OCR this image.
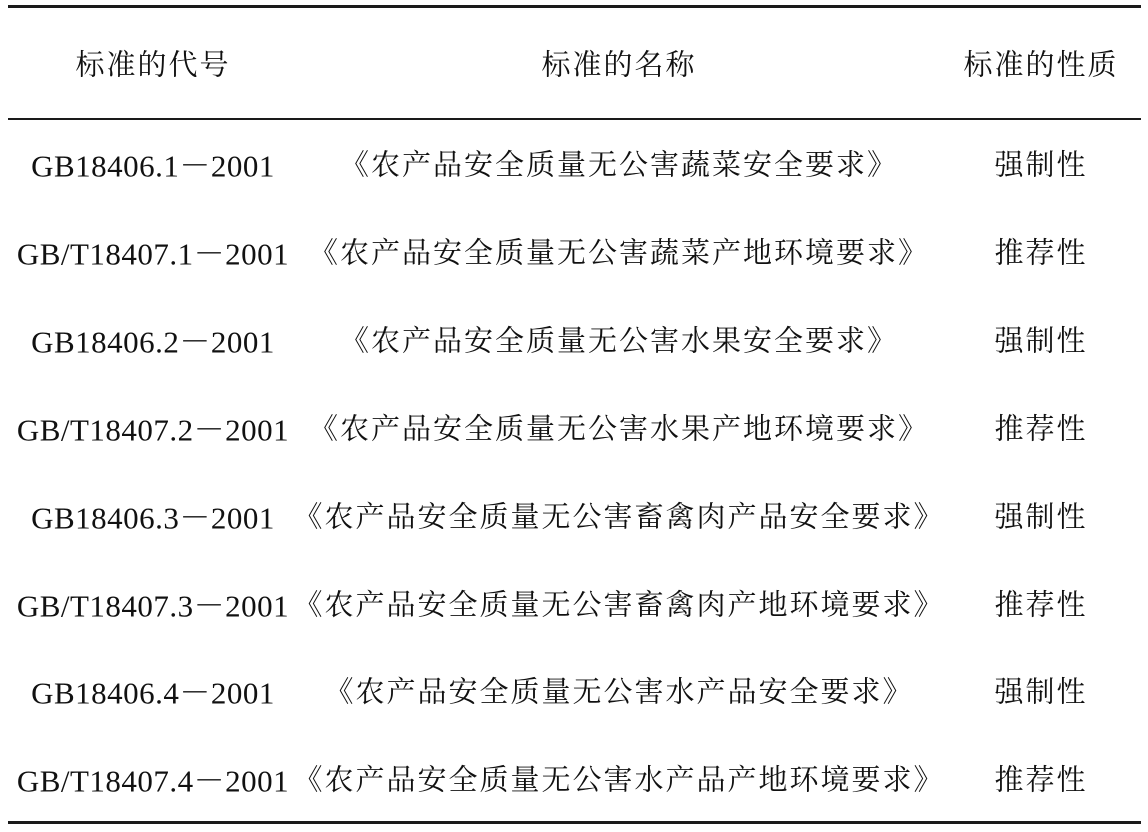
标准的代号	标准的名称	标准的性质
GB18406.1－2001 《农产品安全质量无公害蔬菜安全要求》	强制性
GB/T18407.1－2001 《农产品安全质量无公害蔬菜产地环境要求》 推荐性
GB18406.2－2001 《农产品安全质量无公害水果安全要求》	强制性
GB/T18407.2－2001 《农产品安全质量无公害水果产地环境要求》 推荐性
GB18406.3－2001 《农产品安全质量无公害畜禽肉产品安全要求》 强制性
GB/T18407.3－2001 《农产品安全质量无公害畜禽肉产地环境要求》 推荐性
GB18406.4－2001 《农产品安全质量无公害水产品安全要求》	强制性
GB/T18407.4－2001 《农产品安全质量无公害水产品产地环境要求》 推荐性
